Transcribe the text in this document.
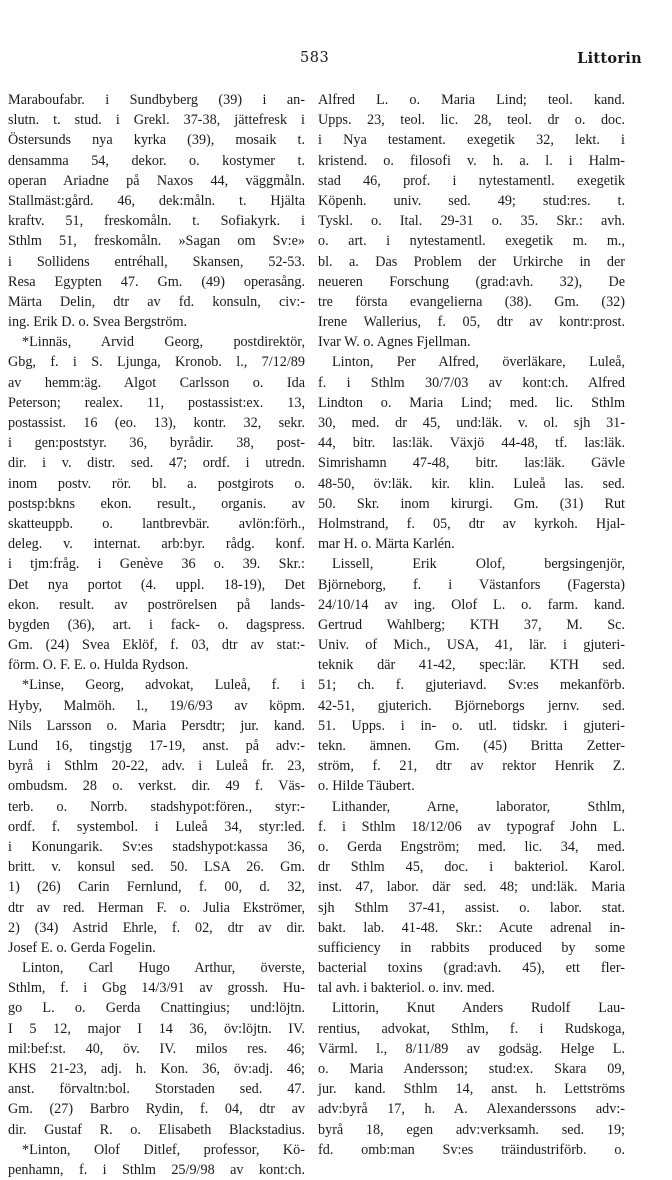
583	Littorin
Maraboufabr. i Sundbyberg (39) i an-
slutn. t. stud. i Grekl. 37-38, jättefresk i
Östersunds nya kyrka (39), mosaik t.
densamma 54, dekor. o. kostymer t.
operan Ariadne på Naxos 44, väggmåln.
Stallmäst:gård. 46, dek:måln. t. Hjälta
kraftv. 51, freskomåln. t. Sofiakyrk. i
Sthlm 51, freskomåln. »Sagan om Sv:e»
i Sollidens entréhall, Skansen, 52-53.
Resa Egypten 47. Gm. (49) operasång.
Märta Delin, dtr av fd. konsuln, civ:-
ing. Erik D. o. Svea Bergström.
*Linnäs, Arvid Georg, postdirektör,
Gbg, f. i S. Ljunga, Kronob. l., 7/12/89
av hemm:äg. Algot Carlsson o. Ida
Peterson; realex. 11, postassist:ex. 13,
postassist. 16 (eo. 13), kontr. 32, sekr.
i gen:poststyr. 36, byrådir. 38, post-
dir. i v. distr. sed. 47; ordf. i utredn.
inom postv. rör. bl. a. postgirots o.
postsp:bkns ekon. result., organis. av
skatteuppb. o. lantbrevbär. avlön:förh.,
deleg. v. internat. arb:byr. rådg. konf.
i tjm:fråg. i Genève 36 o. 39. Skr.:
Det nya portot (4. uppl. 18-19), Det
ekon. result. av poströrelsen på lands-
bygden (36), art. i fack- o. dagspress.
Gm. (24) Svea Eklöf, f. 03, dtr av stat:-
förm. O. F. E. o. Hulda Rydson.
*Linse, Georg, advokat, Luleå, f. i
Hyby, Malmöh. l., 19/6/93 av köpm.
Nils Larsson o. Maria Persdtr; jur. kand.
Lund 16, tingstjg 17-19, anst. på adv:-
byrå i Sthlm 20-22, adv. i Luleå fr. 23,
ombudsm. 28 o. verkst. dir. 49 f. Väs-
terb. o. Norrb. stadshypot:fören., styr:-
ordf. f. systembol. i Luleå 34, styr:led.
i Konungarik. Sv:es stadshypot:kassa 36,
britt. v. konsul sed. 50. LSA 26. Gm.
1) (26) Carin Fernlund, f. 00, d. 32,
dtr av red. Herman F. o. Julia Ekströmer,
2) (34) Astrid Ehrle, f. 02, dtr av dir.
Josef E. o. Gerda Fogelin.
Linton, Carl Hugo Arthur, överste,
Sthlm, f. i Gbg 14/3/91 av grossh. Hu-
go L. o. Gerda Cnattingius; und:löjtn.
I 5 12, major I 14 36, öv:löjtn. IV.
mil:bef:st. 40, öv. IV. milos res. 46;
KHS 21-23, adj. h. Kon. 36, öv:adj. 46;
anst. förvaltn:bol. Storstaden sed. 47.
Gm. (27) Barbro Rydin, f. 04, dtr av
dir. Gustaf R. o. Elisabeth Blackstadius.
*Linton, Olof Ditlef, professor, Kö-
penhamn, f. i Sthlm 25/9/98 av kont:ch.
Alfred L. o. Maria Lind; teol. kand.
Upps. 23, teol. lic. 28, teol. dr o. doc.
i Nya testament. exegetik 32, lekt. i
kristend. o. filosofi v. h. a. l. i Halm-
stad 46, prof. i nytestamentl. exegetik
Köpenh. univ. sed. 49; stud:res. t.
Tyskl. o. Ital. 29-31 o. 35. Skr.: avh.
o. art. i nytestamentl. exegetik m. m.,
bl. a. Das Problem der Urkirche in der
neueren Forschung (grad:avh. 32), De
tre första evangelierna (38). Gm. (32)
Irene Wallerius, f. 05, dtr av kontr:prost.
Ivar W. o. Agnes Fjellman.
Linton, Per Alfred, överläkare, Luleå,
f. i Sthlm 30/7/03 av kont:ch. Alfred
Lindton o. Maria Lind; med. lic. Sthlm
30, med. dr 45, und:läk. v. ol. sjh 31-
44, bitr. las:läk. Växjö 44-48, tf. las:läk.
Simrishamn 47-48, bitr. las:läk. Gävle
48-50, öv:läk. kir. klin. Luleå las. sed.
50. Skr. inom kirurgi. Gm. (31) Rut
Holmstrand, f. 05, dtr av kyrkoh. Hjal-
mar H. o. Märta Karlén.
Lissell, Erik Olof, bergsingenjör,
Björneborg, f. i Västanfors (Fagersta)
24/10/14 av ing. Olof L. o. farm. kand.
Gertrud Wahlberg; KTH 37, M. Sc.
Univ. of Mich., USA, 41, lär. i gjuteri-
teknik där 41-42, spec:lär. KTH sed.
51; ch. f. gjuteriavd. Sv:es mekanförb.
42-51, gjuterich. Björneborgs jernv. sed.
51. Upps. i in- o. utl. tidskr. i gjuteri-
tekn. ämnen. Gm. (45) Britta Zetter-
ström, f. 21, dtr av rektor Henrik Z.
o. Hilde Täubert.
Lithander, Arne, laborator, Sthlm,
f. i Sthlm 18/12/06 av typograf John L.
o. Gerda Engström; med. lic. 34, med.
dr Sthlm 45, doc. i bakteriol. Karol.
inst. 47, labor. där sed. 48; und:läk. Maria
sjh Sthlm 37-41, assist. o. labor. stat.
bakt. lab. 41-48. Skr.: Acute adrenal in-
sufficiency in rabbits produced by some
bacterial toxins (grad:avh. 45), ett fler-
tal avh. i bakteriol. o. inv. med.
Littorin, Knut Anders Rudolf Lau-
rentius, advokat, Sthlm, f. i Rudskoga,
Värml. l., 8/11/89 av godsäg. Helge L.
o. Maria Andersson; stud:ex. Skara 09,
jur. kand. Sthlm 14, anst. h. Lettströms
adv:byrå 17, h. A. Alexanderssons adv:-
byrå 18, egen adv:verksamh. sed. 19;
fd. omb:man Sv:es träindustriförb. o.
